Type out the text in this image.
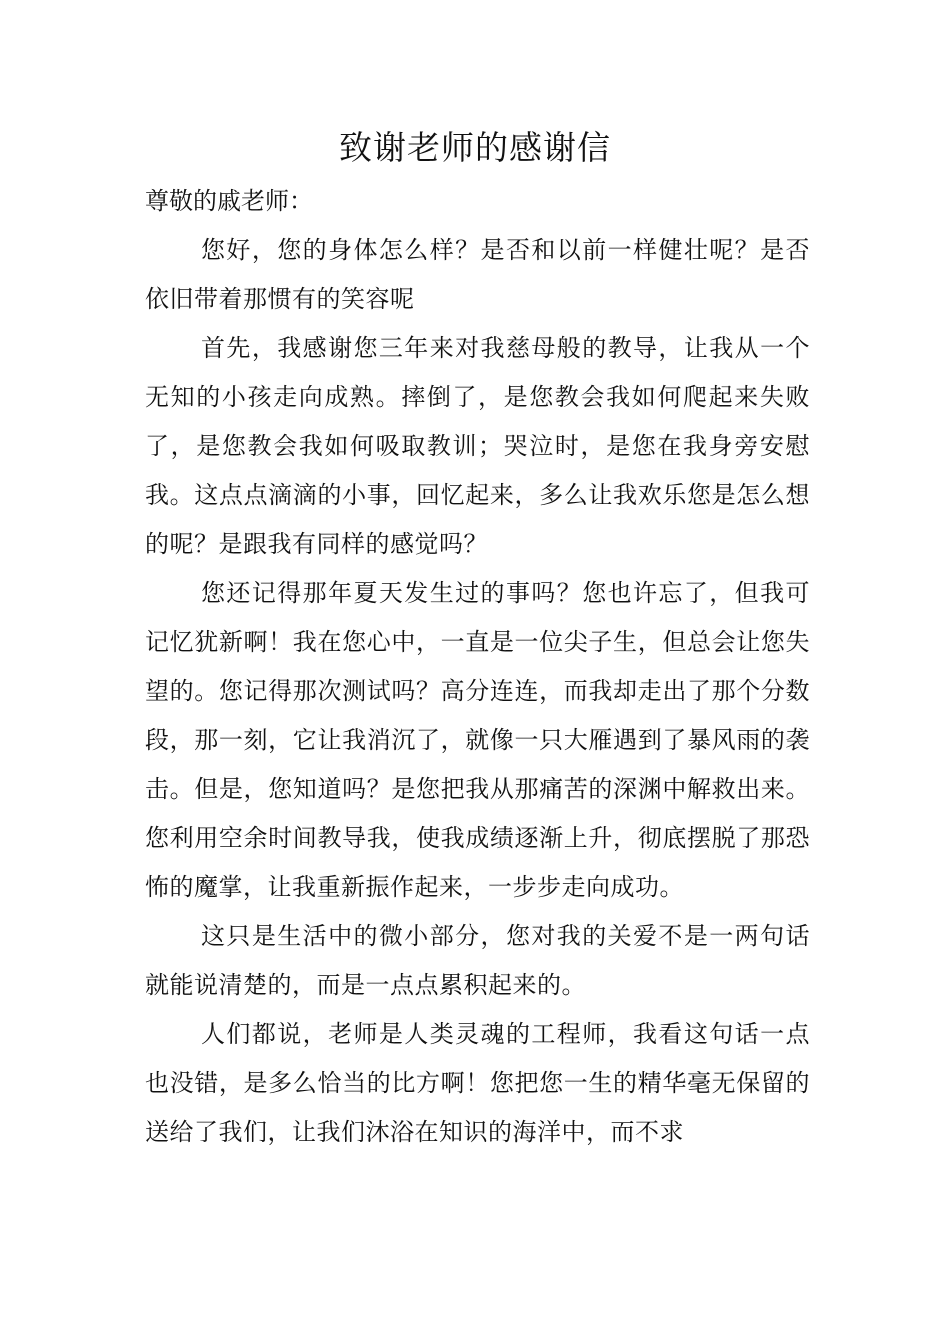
致谢老师的感谢信

尊敬的戚老师：

您好，您的身体怎么样？是否和以前一样健壮呢？是否依旧带着那惯有的笑容呢

首先，我感谢您三年来对我慈母般的教导，让我从一个无知的小孩走向成熟。摔倒了，是您教会我如何爬起来失败了，是您教会我如何吸取教训；哭泣时，是您在我身旁安慰我。这点点滴滴的小事，回忆起来，多么让我欢乐您是怎么想的呢？是跟我有同样的感觉吗？

您还记得那年夏天发生过的事吗？您也许忘了，但我可记忆犹新啊！我在您心中，一直是一位尖子生，但总会让您失望的。您记得那次测试吗？高分连连，而我却走出了那个分数段，那一刻，它让我消沉了，就像一只大雁遇到了暴风雨的袭击。但是，您知道吗？是您把我从那痛苦的深渊中解救出来。您利用空余时间教导我，使我成绩逐渐上升，彻底摆脱了那恐怖的魔掌，让我重新振作起来，一步步走向成功。

这只是生活中的微小部分，您对我的关爱不是一两句话就能说清楚的，而是一点点累积起来的。

人们都说，老师是人类灵魂的工程师，我看这句话一点也没错，是多么恰当的比方啊！您把您一生的精华毫无保留的送给了我们，让我们沐浴在知识的海洋中，而不求
